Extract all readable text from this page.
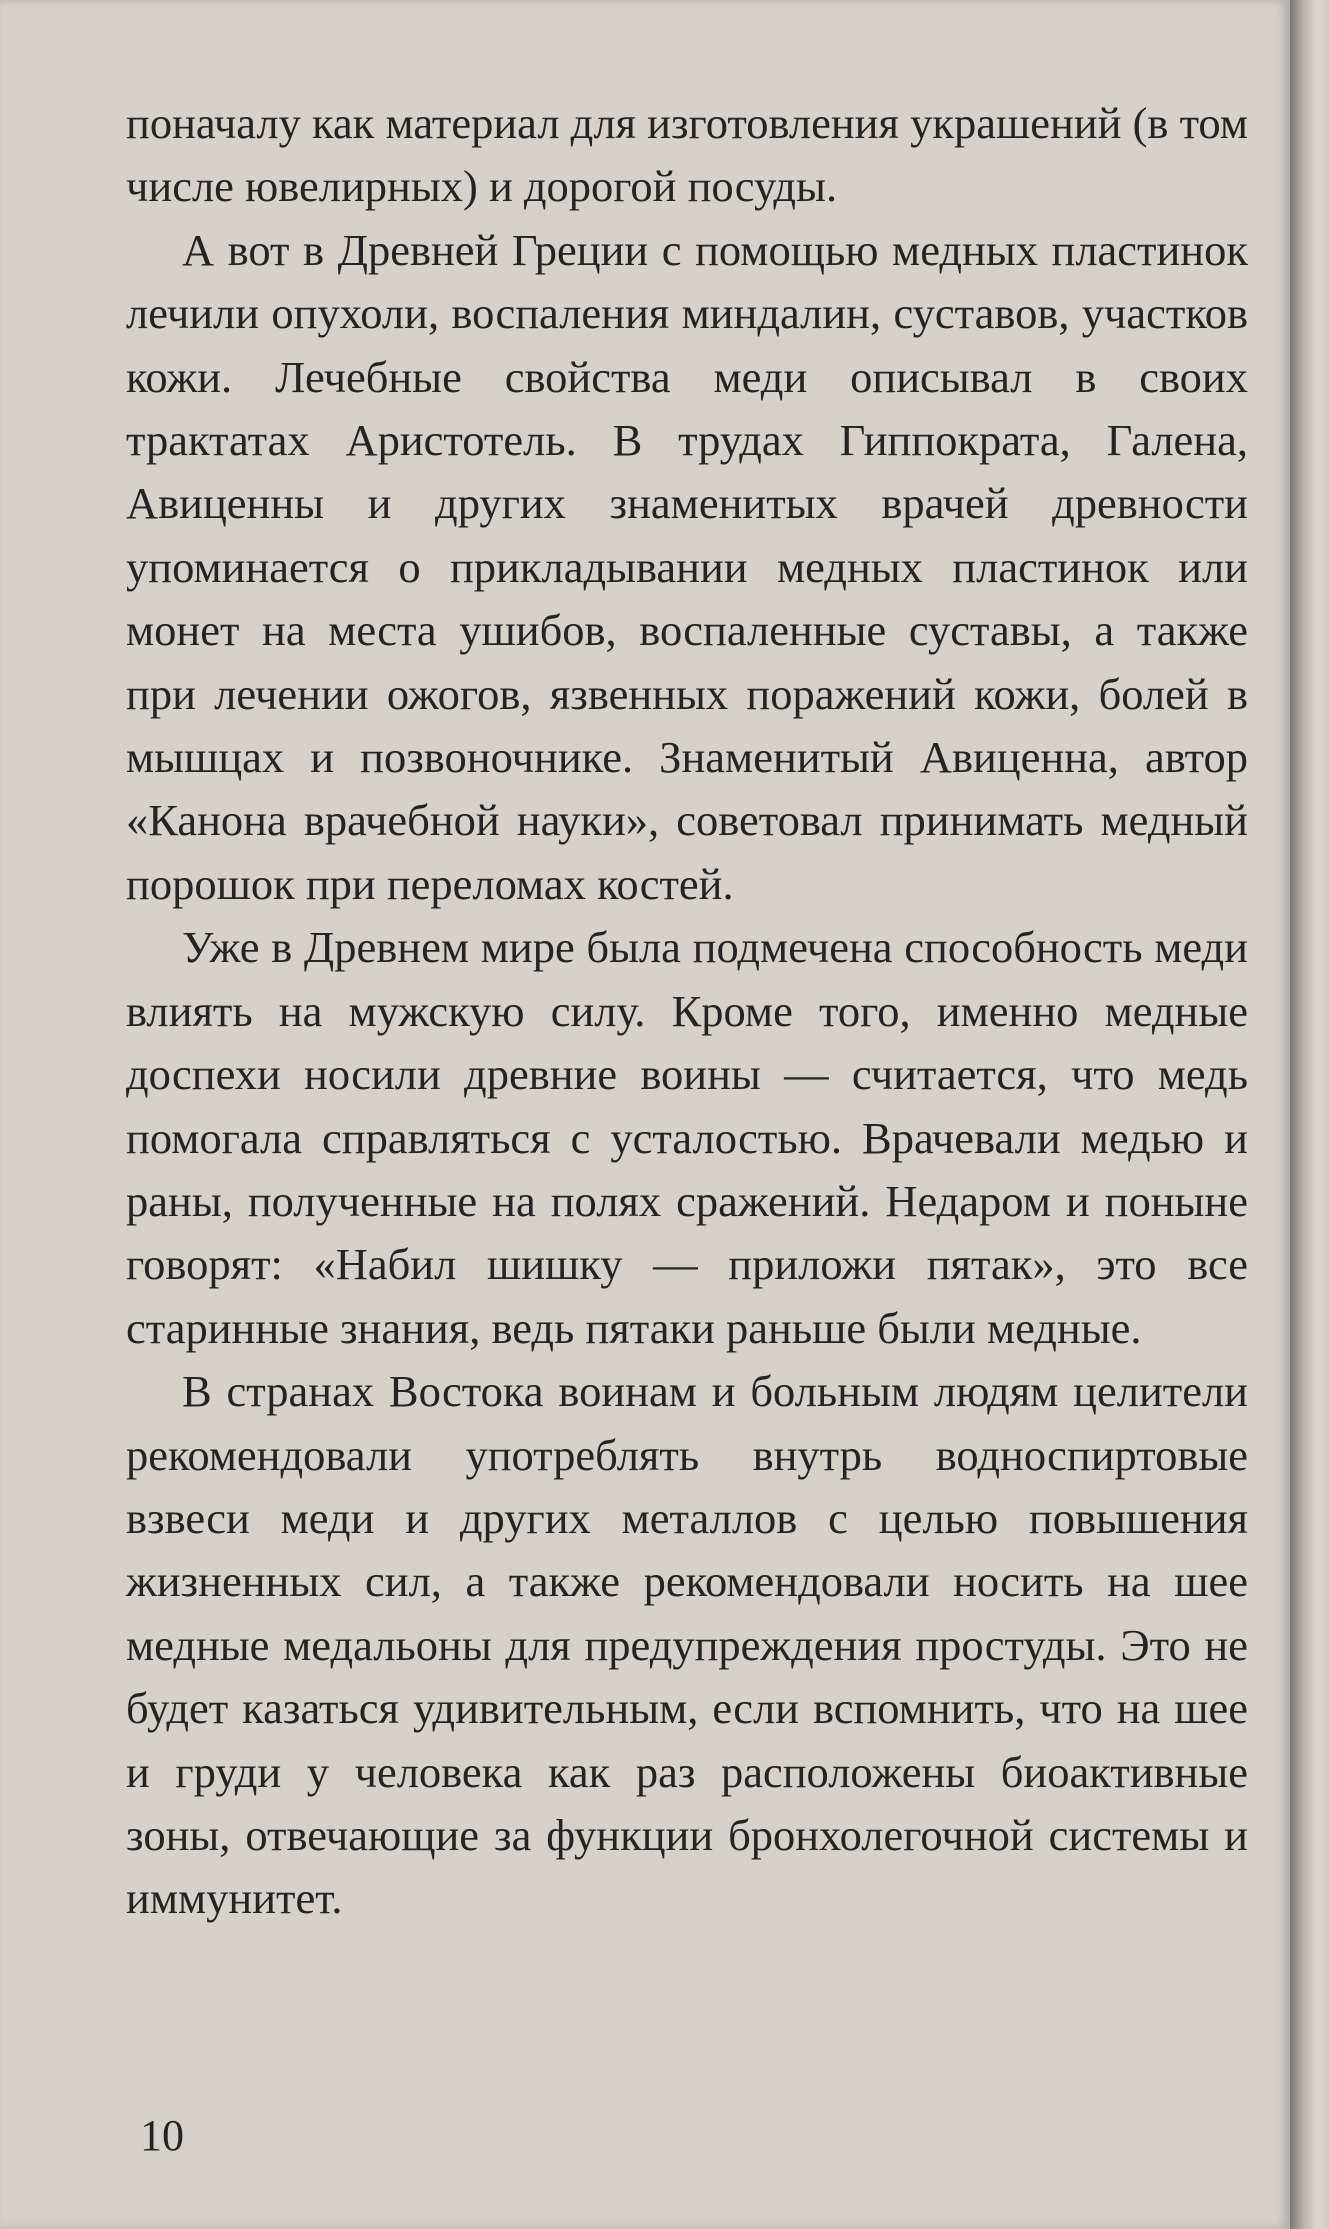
поначалу как материал для изготовления украшений (в том числе ювелирных) и дорогой посуды.

А вот в Древней Греции с помощью медных пластинок лечили опухоли, воспаления миндалин, суставов, участков кожи. Лечебные свойства меди описывал в своих трактатах Аристотель. В трудах Гиппократа, Галена, Авиценны и других знаменитых врачей древности упоминается о прикладывании медных пластинок или монет на места ушибов, воспаленные суставы, а также при лечении ожогов, язвенных поражений кожи, болей в мышцах и позвоночнике. Знаменитый Авиценна, автор «Канона врачебной науки», советовал принимать медный порошок при переломах костей.

Уже в Древнем мире была подмечена способность меди влиять на мужскую силу. Кроме того, именно медные доспехи носили древние воины — считается, что медь помогала справляться с усталостью. Врачевали медью и раны, полученные на полях сражений. Недаром и поныне говорят: «Набил шишку — приложи пятак», это все старинные знания, ведь пятаки раньше были медные.

В странах Востока воинам и больным людям целители рекомендовали употреблять внутрь водноспиртовые взвеси меди и других металлов с целью повышения жизненных сил, а также рекомендовали носить на шее медные медальоны для предупреждения простуды. Это не будет казаться удивительным, если вспомнить, что на шее и груди у человека как раз расположены биоактивные зоны, отвечающие за функции бронхолегочной системы и иммунитет.

10
